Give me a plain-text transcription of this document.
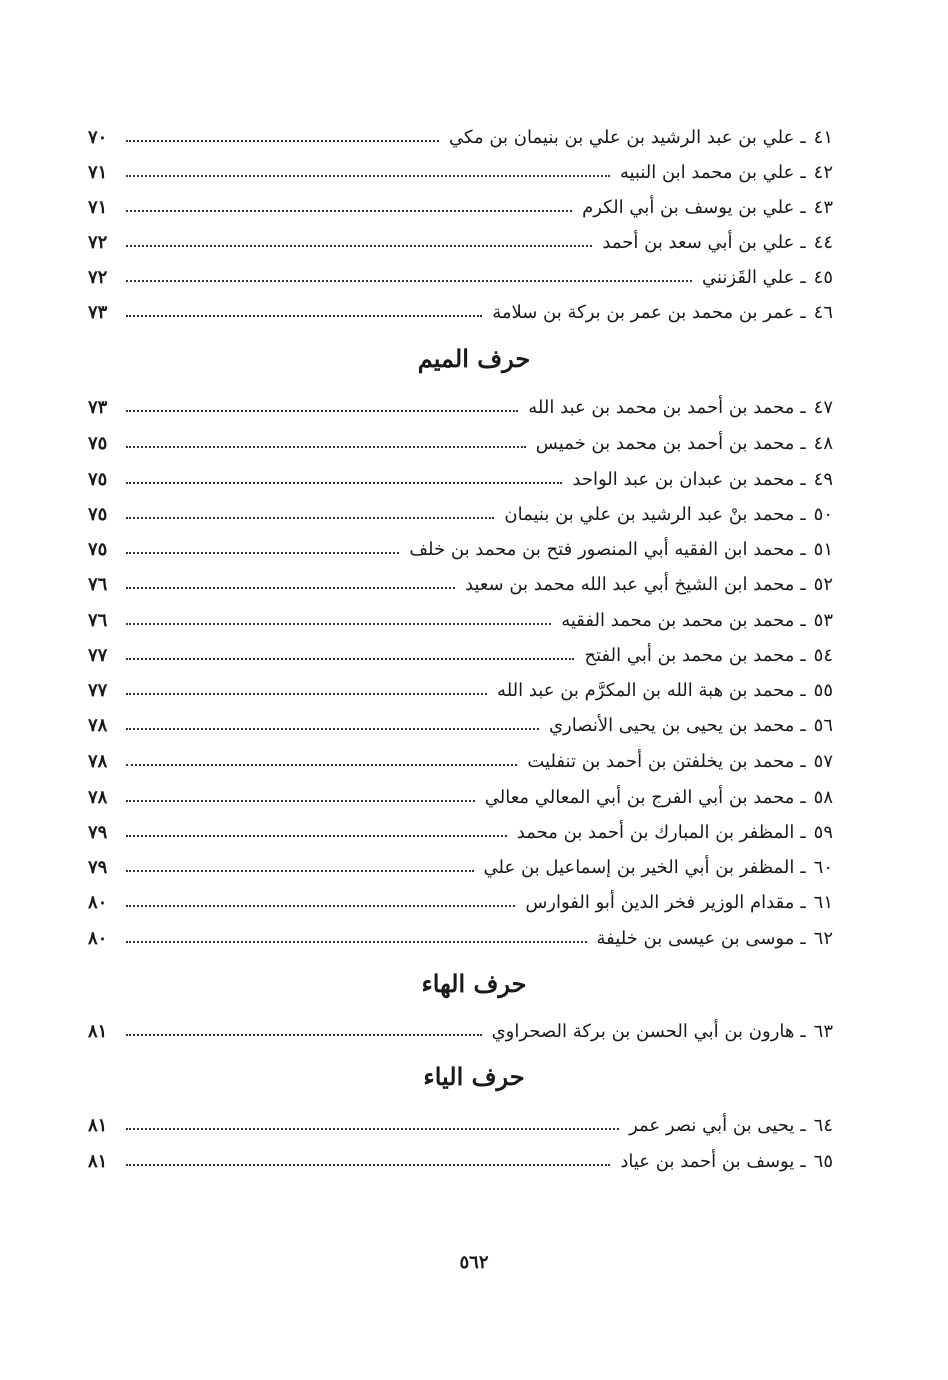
٤١
ـ
علي بن عبد الرشيد بن علي بن بنيمان بن مكي
٧٠
٤٢
ـ
علي بن محمد ابن النبيه
٧١
٤٣
ـ
علي بن يوسف بن أبي الكرم
٧١
٤٤
ـ
علي بن أبي سعد بن أحمد
٧٢
٤٥
ـ
علي القَزنني
٧٢
٤٦
ـ
عمر بن محمد بن عمر بن بركة بن سلامة
٧٣
حرف الميم
٤٧
ـ
محمد بن أحمد بن محمد بن عبد الله
٧٣
٤٨
ـ
محمد بن أحمد بن محمد بن خميس
٧٥
٤٩
ـ
محمد بن عبدان بن عبد الواحد
٧٥
٥٠
ـ
محمد بنْ عبد الرشيد بن علي بن بنيمان
٧٥
٥١
ـ
محمد ابن الفقيه أبي المنصور فتح بن محمد بن خلف
٧٥
٥٢
ـ
محمد ابن الشيخ أبي عبد الله محمد بن سعيد
٧٦
٥٣
ـ
محمد بن محمد بن محمد الفقيه
٧٦
٥٤
ـ
محمد بن محمد بن أبي الفتح
٧٧
٥٥
ـ
محمد بن هبة الله بن المكرَّم بن عبد الله
٧٧
٥٦
ـ
محمد بن يحيى بن يحيى الأنصاري
٧٨
٥٧
ـ
محمد بن يخلفتن بن أحمد بن تنفليت
٧٨
٥٨
ـ
محمد بن أبي الفرج بن أبي المعالي معالي
٧٨
٥٩
ـ
المظفر بن المبارك بن أحمد بن محمد
٧٩
٦٠
ـ
المظفر بن أبي الخير بن إسماعيل بن علي
٧٩
٦١
ـ
مقدام الوزير فخر الدين أبو الفوارس
٨٠
٦٢
ـ
موسى بن عيسى بن خليفة
٨٠
حرف الهاء
٦٣
ـ
هارون بن أبي الحسن بن بركة الصحراوي
٨١
حرف الياء
٦٤
ـ
يحيى بن أبي نصر عمر
٨١
٦٥
ـ
يوسف بن أحمد بن عياد
٨١
٥٦٢
